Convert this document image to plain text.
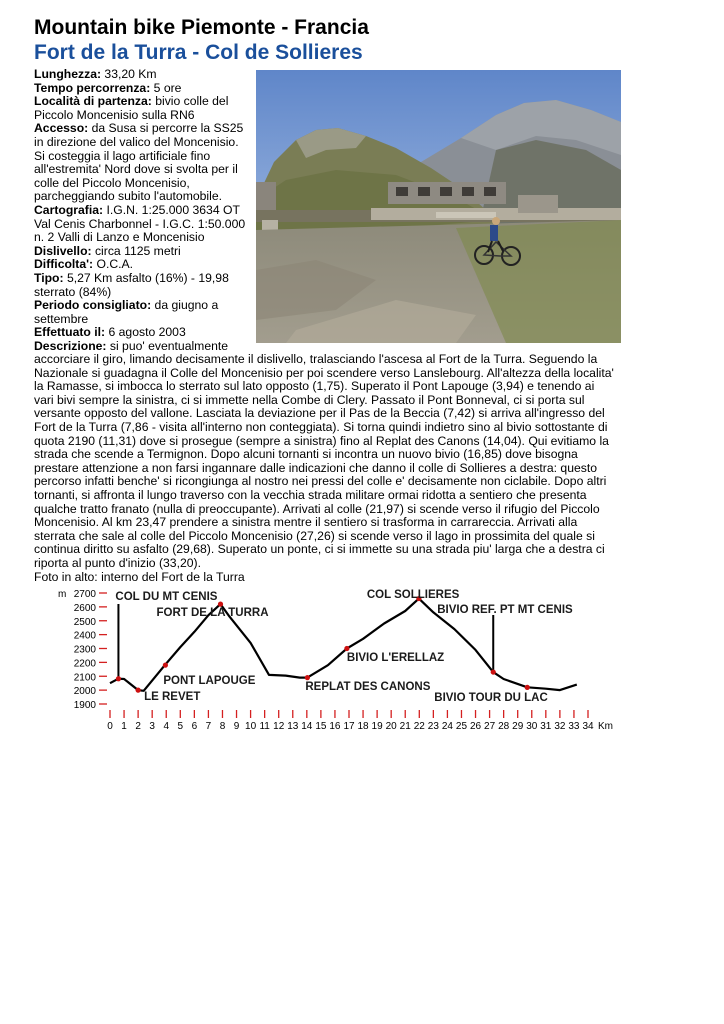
Mountain bike Piemonte - Francia
Fort de la Turra - Col de Sollieres
Lunghezza: 33,20 Km
Tempo percorrenza: 5 ore
Località di partenza: bivio colle del Piccolo Moncenisio sulla RN6
Accesso: da Susa si percorre la SS25 in direzione del valico del Moncenisio. Si costeggia il lago artificiale fino all'estremita' Nord dove si svolta per il colle del Piccolo Moncenisio, parcheggiando subito l'automobile.
Cartografia: I.G.N. 1:25.000 3634 OT Val Cenis Charbonnel - I.G.C. 1:50.000 n. 2 Valli di Lanzo e Moncenisio
Dislivello: circa 1125 metri
Difficolta': O.C.A.
Tipo: 5,27 Km asfalto (16%) - 19,98 sterrato (84%)
Periodo consigliato: da giugno a settembre
Effettuato il: 6 agosto 2003
Descrizione: si puo' eventualmente
accorciare il giro, limando decisamente il dislivello, tralasciando l'ascesa al Fort de la Turra. Seguendo la Nazionale si guadagna il Colle del Moncenisio per poi scendere verso Lanslebourg. All'altezza della localita' la Ramasse, si imbocca lo sterrato sul lato opposto (1,75). Superato il Pont Lapouge (3,94) e tenendo ai vari bivi sempre la sinistra, ci si immette nella Combe di Clery. Passato il Pont Bonneval, ci si porta sul versante opposto del vallone. Lasciata la deviazione per il Pas de la Beccia (7,42) si arriva all'ingresso del Fort de la Turra (7,86 - visita all'interno non conteggiata). Si torna quindi indietro sino al bivio sottostante di quota 2190 (11,31) dove si prosegue (sempre a sinistra) fino al Replat des Canons (14,04). Qui evitiamo la strada che scende a Termignon. Dopo alcuni tornanti si incontra un nuovo bivio (16,85) dove bisogna prestare attenzione a non farsi ingannare dalle indicazioni che danno il colle di Sollieres a destra: questo percorso infatti benche' si ricongiunga al nostro nei pressi del colle e' decisamente non ciclabile. Dopo altri tornanti, si affronta il lungo traverso con la vecchia strada militare ormai ridotta a sentiero che presenta qualche tratto franato (nulla di preoccupante). Arrivati al colle (21,97) si scende verso il rifugio del Piccolo Moncenisio. Al km 23,47 prendere a sinistra mentre il sentiero si trasforma in carrareccia. Arrivati alla sterrata che sale al colle del Piccolo Moncenisio (27,26) si scende verso il lago in prossimita del quale si continua diritto su asfalto (29,68). Superato un ponte, ci si immette su una strada piu' larga che a destra ci riporta al punto d'inizio (33,20).
Foto in alto: interno del Fort de la Turra
m
1900
2000
2100
2200
2300
2400
2500
2600
2700
0 1 2 3 4 5 6 7 8 9 10 11 12 13 14 15 16 17 18 19 20 21 22 23 24 25 26 27 28 29 30 31 32 33 34 Km
COL DU MT CENIS
LE REVET
PONT LAPOUGE
FORT DE LA TURRA
REPLAT DES CANONS
BIVIO L'ERELLAZ
COL SOLLIERES
BIVIO REF. PT MT CENIS
BIVIO TOUR DU LAC
